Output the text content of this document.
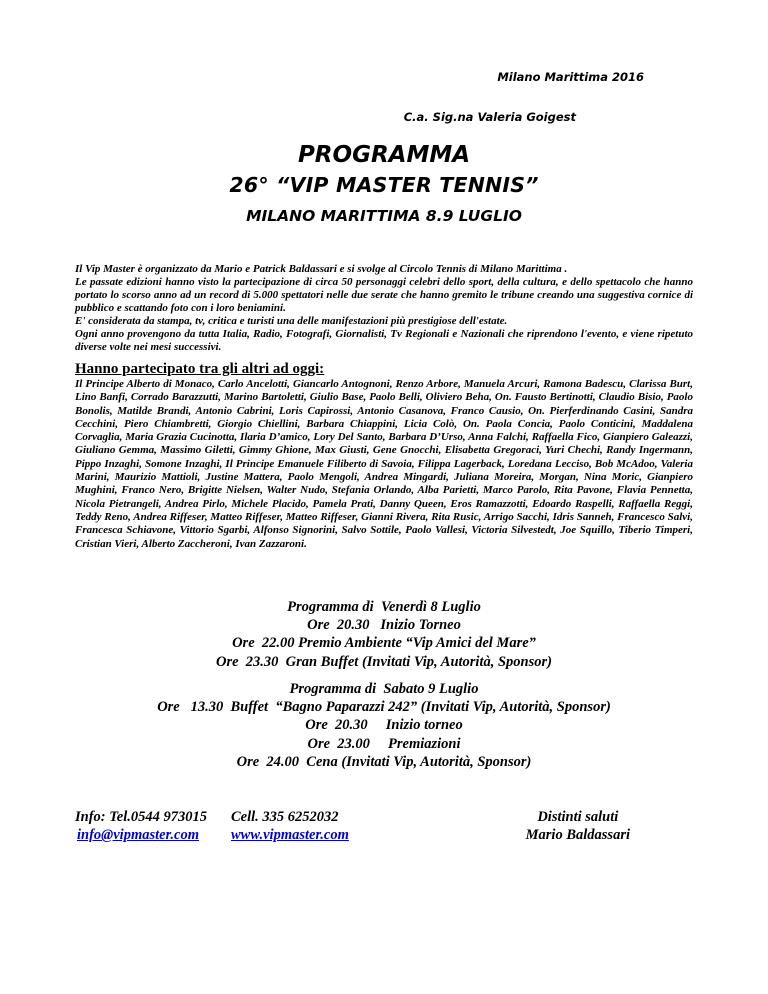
Milano Marittima 2016
C.a. Sig.na Valeria Goigest
PROGRAMMA
26° “VIP MASTER TENNIS”
MILANO MARITTIMA 8.9 LUGLIO

Il Vip Master è organizzato da Mario e Patrick Baldassari e si svolge al Circolo Tennis di Milano Marittima .

Le passate edizioni hanno visto la partecipazione di circa 50 personaggi celebri dello sport, della cultura, e dello spettacolo che hanno portato lo scorso anno ad un record di 5.000 spettatori nelle due serate che hanno gremito le tribune creando una suggestiva cornice di pubblico e scattando foto con i loro beniamini.

E' considerata da stampa, tv, critica e turisti una delle manifestazioni più prestigiose dell'estate.

Ogni anno provengono da tutta Italia, Radio, Fotografi, Giornalisti, Tv Regionali e Nazionali che riprendono l'evento, e viene ripetuto diverse volte nei mesi successivi.

Hanno partecipato tra gli altri ad oggi:

Il Principe Alberto di Monaco, Carlo Ancelotti, Giancarlo Antognoni, Renzo Arbore, Manuela Arcuri, Ramona Badescu, Clarissa Burt, Lino Banfi, Corrado Barazzutti, Marino Bartoletti, Giulio Base, Paolo Belli, Oliviero Beha, On. Fausto Bertinotti, Claudio Bisio, Paolo Bonolis, Matilde Brandi, Antonio Cabrini, Loris Capirossi, Antonio Casanova, Franco Causio, On. Pierferdinando Casini, Sandra Cecchini, Piero Chiambretti, Giorgio Chiellini, Barbara Chiappini, Licia Colò, On. Paola Concia, Paolo Conticini, Maddalena Corvaglia, Maria Grazia Cucinotta, Ilaria D’amico, Lory Del Santo, Barbara D’Urso, Anna Falchi, Raffaella Fico, Gianpiero Galeazzi, Giuliano Gemma, Massimo Giletti, Gimmy Ghione, Max Giusti, Gene Gnocchi, Elisabetta Gregoraci, Yuri Chechi, Randy Ingermann, Pippo Inzaghi, Somone Inzaghi, Il Principe Emanuele Filiberto di Savoia, Filippa Lagerback, Loredana Lecciso, Bob McAdoo, Valeria Marini, Maurizio Mattioli, Justine Mattera, Paolo Mengoli, Andrea Mingardi, Juliana Moreira, Morgan, Nina Moric, Gianpiero Mughini, Franco Nero, Brigitte Nielsen, Walter Nudo, Stefania Orlando, Alba Parietti, Marco Parolo, Rita Pavone, Flavia Pennetta, Nicola Pietrangeli, Andrea Pirlo, Michele Placido, Pamela Prati, Danny Queen, Eros Ramazzotti, Edoardo Raspelli, Raffaella Reggi, Teddy Reno, Andrea Riffeser, Matteo Riffeser, Matteo Riffeser, Gianni Rivera, Rita Rusic, Arrigo Sacchi, Idris Sanneh, Francesco Salvi, Francesca Schiavone, Vittorio Sgarbi, Alfonso Signorini, Salvo Sottile, Paolo Vallesi, Victoria Silvestedt, Joe Squillo, Tiberio Timperi, Cristian Vieri, Alberto Zaccheroni, Ivan Zazzaroni.

Programma di  Venerdì 8 Luglio
Ore  20.30   Inizio Torneo
Ore  22.00 Premio Ambiente “Vip Amici del Mare”
Ore  23.30  Gran Buffet (Invitati Vip, Autorità, Sponsor)
Programma di  Sabato 9 Luglio
Ore   13.30  Buffet  “Bagno Paparazzi 242” (Invitati Vip, Autorità, Sponsor)
Ore  20.30     Inizio torneo
Ore  23.00     Premiazioni
Ore  24.00  Cena (Invitati Vip, Autorità, Sponsor)
Info: Tel.0544 973015
info@vipmaster.com
Cell. 335 6252032
www.vipmaster.com
Distinti saluti
Mario Baldassari
